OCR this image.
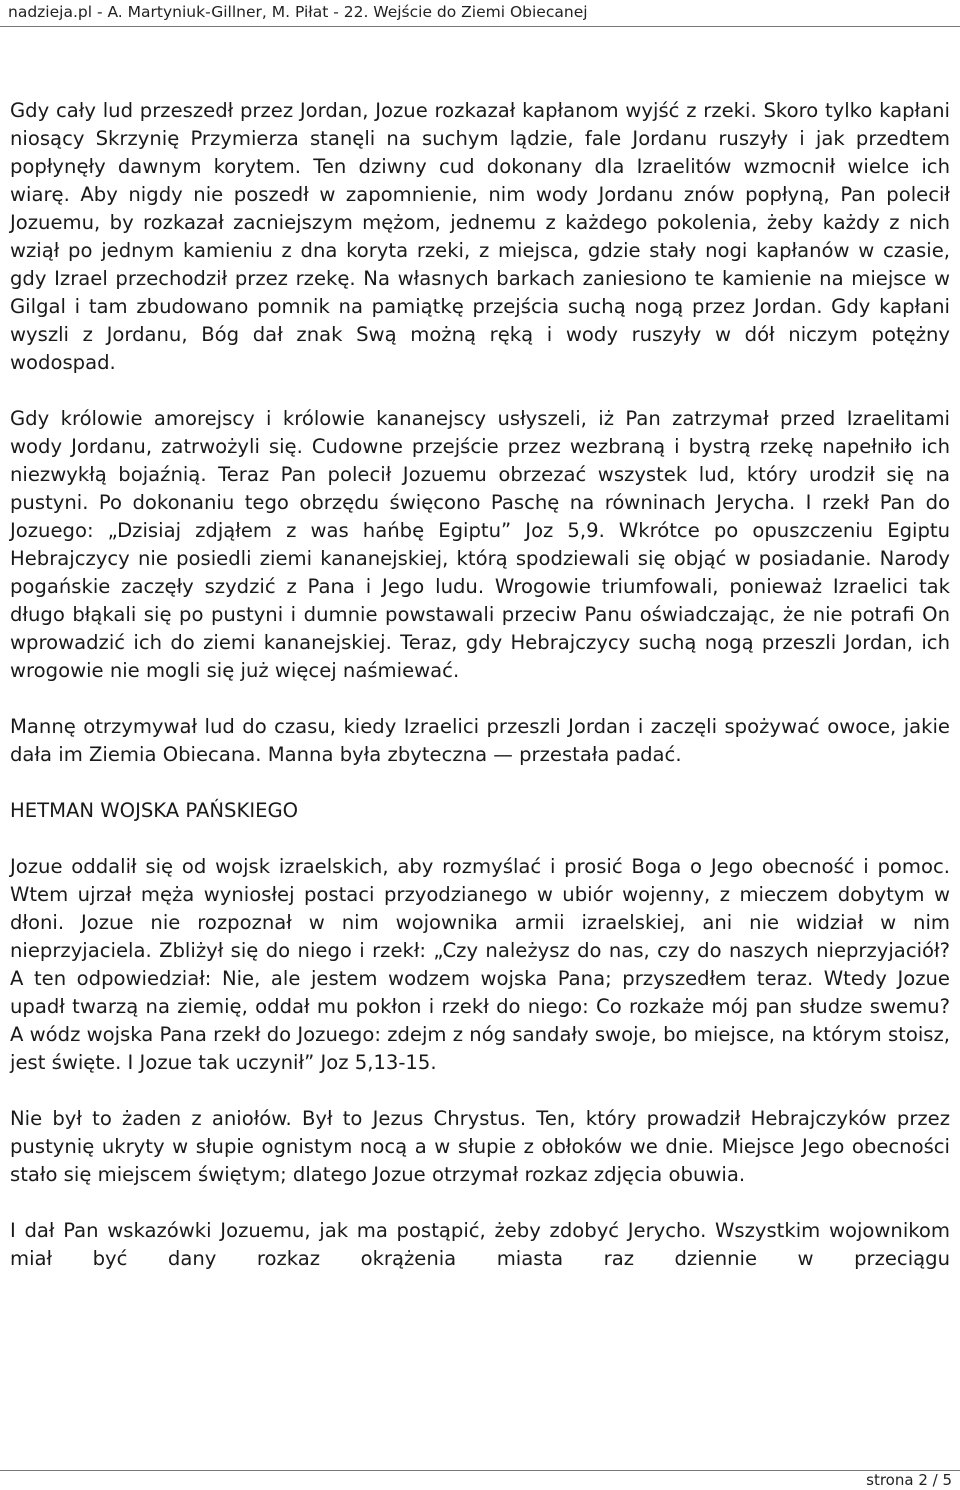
nadzieja.pl - A. Martyniuk-Gillner, M. Piłat - 22. Wejście do Ziemi Obiecanej

Gdy cały lud przeszedł przez Jordan, Jozue rozkazał kapłanom wyjść z rzeki. Skoro tylko kapłani niosący Skrzynię Przymierza stanęli na suchym lądzie, fale Jordanu ruszyły i jak przedtem popłynęły dawnym korytem. Ten dziwny cud dokonany dla Izraelitów wzmocnił wielce ich wiarę. Aby nigdy nie poszedł w zapomnienie, nim wody Jordanu znów popłyną, Pan polecił Jozuemu, by rozkazał zacniejszym mężom, jednemu z każdego pokolenia, żeby każdy z nich wziął po jednym kamieniu z dna koryta rzeki, z miejsca, gdzie stały nogi kapłanów w czasie, gdy Izrael przechodził przez rzekę. Na własnych barkach zaniesiono te kamienie na miejsce w Gilgal i tam zbudowano pomnik na pamiątkę przejścia suchą nogą przez Jordan. Gdy kapłani wyszli z Jordanu, Bóg dał znak Swą możną ręką i wody ruszyły w dół niczym potężny wodospad.

Gdy królowie amorejscy i królowie kananejscy usłyszeli, iż Pan zatrzymał przed Izraelitami wody Jordanu, zatrwożyli się. Cudowne przejście przez wezbraną i bystrą rzekę napełniło ich niezwykłą bojaźnią. Teraz Pan polecił Jozuemu obrzezać wszystek lud, który urodził się na pustyni. Po dokonaniu tego obrzędu święcono Paschę na równinach Jerycha. I rzekł Pan do Jozuego: „Dzisiaj zdjąłem z was hańbę Egiptu” Joz 5,9. Wkrótce po opuszczeniu Egiptu Hebrajczycy nie posiedli ziemi kananejskiej, którą spodziewali się objąć w posiadanie. Narody pogańskie zaczęły szydzić z Pana i Jego ludu. Wrogowie triumfowali, ponieważ Izraelici tak długo błąkali się po pustyni i dumnie powstawali przeciw Panu oświadczając, że nie potrafi On wprowadzić ich do ziemi kananejskiej. Teraz, gdy Hebrajczycy suchą nogą przeszli Jordan, ich wrogowie nie mogli się już więcej naśmiewać.

Mannę otrzymywał lud do czasu, kiedy Izraelici przeszli Jordan i zaczęli spożywać owoce, jakie dała im Ziemia Obiecana. Manna była zbyteczna — przestała padać.

HETMAN WOJSKA PAŃSKIEGO

Jozue oddalił się od wojsk izraelskich, aby rozmyślać i prosić Boga o Jego obecność i pomoc. Wtem ujrzał męża wyniosłej postaci przyodzianego w ubiór wojenny, z mieczem dobytym w dłoni. Jozue nie rozpoznał w nim wojownika armii izraelskiej, ani nie widział w nim nieprzyjaciela. Zbliżył się do niego i rzekł: „Czy należysz do nas, czy do naszych nieprzyjaciół? A ten odpowiedział: Nie, ale jestem wodzem wojska Pana; przyszedłem teraz. Wtedy Jozue upadł twarzą na ziemię, oddał mu pokłon i rzekł do niego: Co rozkaże mój pan słudze swemu? A wódz wojska Pana rzekł do Jozuego: zdejm z nóg sandały swoje, bo miejsce, na którym stoisz, jest święte. I Jozue tak uczynił” Joz 5,13-15.

Nie był to żaden z aniołów. Był to Jezus Chrystus. Ten, który prowadził Hebrajczyków przez pustynię ukryty w słupie ognistym nocą a w słupie z obłoków we dnie. Miejsce Jego obecności stało się miejscem świętym; dlatego Jozue otrzymał rozkaz zdjęcia obuwia.

I dał Pan wskazówki Jozuemu, jak ma postąpić, żeby zdobyć Jerycho. Wszystkim wojownikom miał być dany rozkaz okrążenia miasta raz dziennie w przeciągu

strona 2 / 5
